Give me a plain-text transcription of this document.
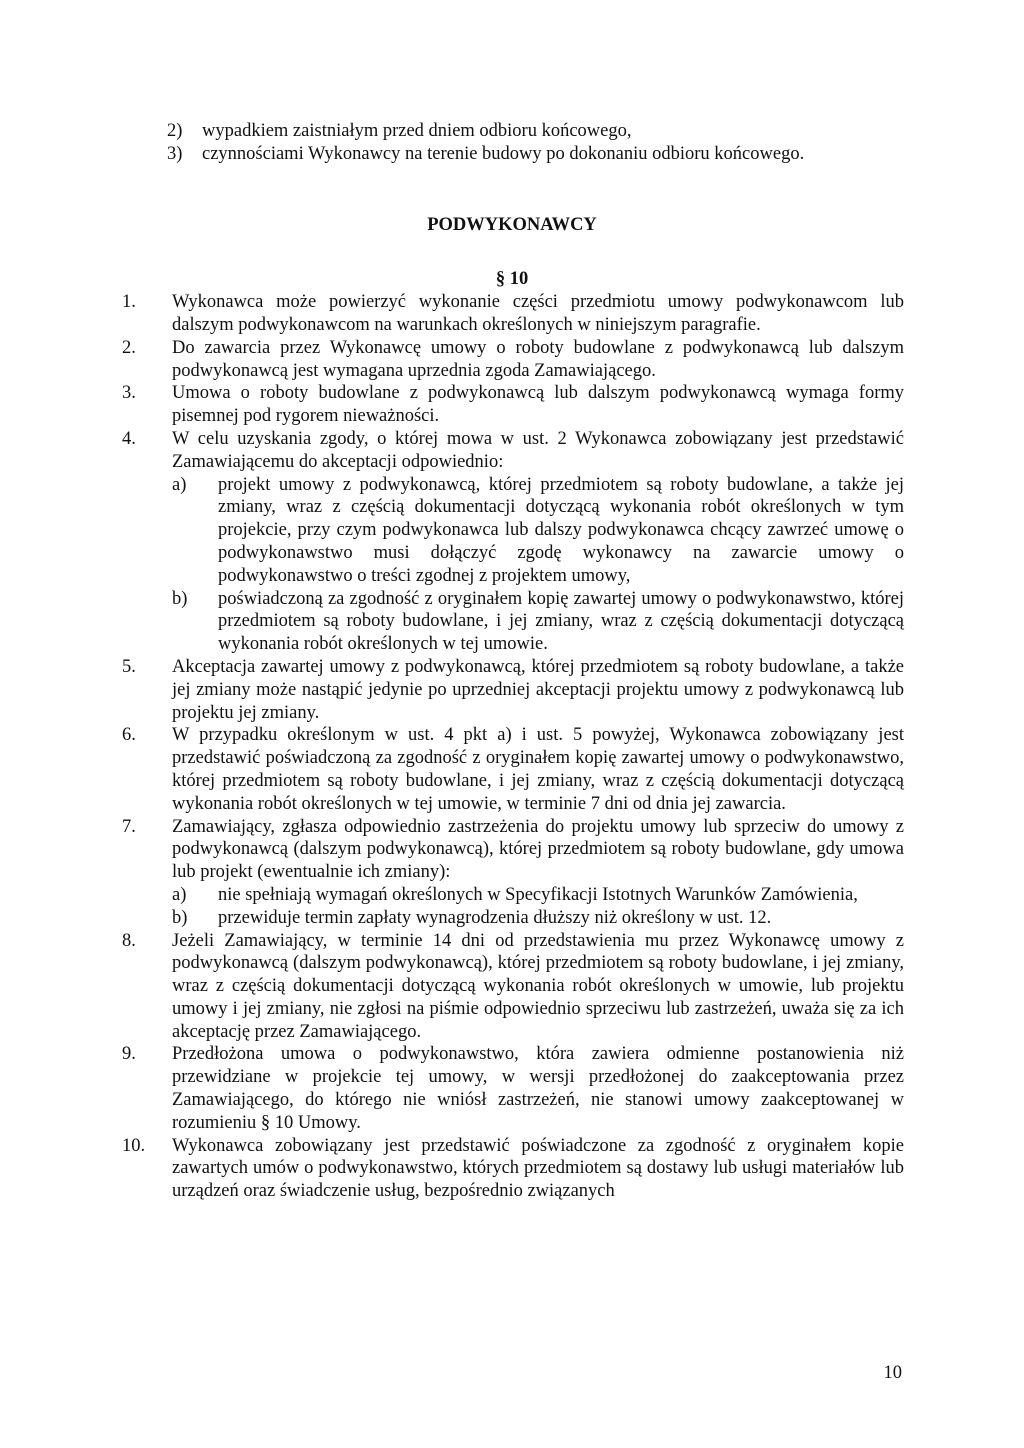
2) wypadkiem zaistniałym przed dniem odbioru końcowego,
3) czynnościami Wykonawcy na terenie budowy po dokonaniu odbioru końcowego.
PODWYKONAWCY
§ 10
1. Wykonawca może powierzyć wykonanie części przedmiotu umowy podwykonawcom lub dalszym podwykonawcom na warunkach określonych w niniejszym paragrafie.
2. Do zawarcia przez Wykonawcę umowy o roboty budowlane z podwykonawcą lub dalszym podwykonawcą jest wymagana uprzednia zgoda Zamawiającego.
3. Umowa o roboty budowlane z podwykonawcą lub dalszym podwykonawcą wymaga formy pisemnej pod rygorem nieważności.
4. W celu uzyskania zgody, o której mowa w ust. 2 Wykonawca zobowiązany jest przedstawić Zamawiającemu do akceptacji odpowiednio:
a) projekt umowy z podwykonawcą, której przedmiotem są roboty budowlane, a także jej zmiany, wraz z częścią dokumentacji dotyczącą wykonania robót określonych w tym projekcie, przy czym podwykonawca lub dalszy podwykonawca chcący zawrzeć umowę o podwykonawstwo musi dołączyć zgodę wykonawcy na zawarcie umowy o podwykonawstwo o treści zgodnej z projektem umowy,
b) poświadczoną za zgodność z oryginałem kopię zawartej umowy o podwykonawstwo, której przedmiotem są roboty budowlane, i jej zmiany, wraz z częścią dokumentacji dotyczącą wykonania robót określonych w tej umowie.
5. Akceptacja zawartej umowy z podwykonawcą, której przedmiotem są roboty budowlane, a także jej zmiany może nastąpić jedynie po uprzedniej akceptacji projektu umowy z podwykonawcą lub projektu jej zmiany.
6. W przypadku określonym w ust. 4 pkt a) i ust. 5 powyżej, Wykonawca zobowiązany jest przedstawić poświadczoną za zgodność z oryginałem kopię zawartej umowy o podwykonawstwo, której przedmiotem są roboty budowlane, i jej zmiany, wraz z częścią dokumentacji dotyczącą wykonania robót określonych w tej umowie, w terminie 7 dni od dnia jej zawarcia.
7. Zamawiający, zgłasza odpowiednio zastrzeżenia do projektu umowy lub sprzeciw do umowy z podwykonawcą (dalszym podwykonawcą), której przedmiotem są roboty budowlane, gdy umowa lub projekt (ewentualnie ich zmiany):
a) nie spełniają wymagań określonych w Specyfikacji Istotnych Warunków Zamówienia,
b) przewiduje termin zapłaty wynagrodzenia dłuższy niż określony w ust. 12.
8. Jeżeli Zamawiający, w terminie 14 dni od przedstawienia mu przez Wykonawcę umowy z podwykonawcą (dalszym podwykonawcą), której przedmiotem są roboty budowlane, i jej zmiany, wraz z częścią dokumentacji dotyczącą wykonania robót określonych w umowie, lub projektu umowy i jej zmiany, nie zgłosi na piśmie odpowiednio sprzeciwu lub zastrzeżeń, uważa się za ich akceptację przez Zamawiającego.
9. Przedłożona umowa o podwykonawstwo, która zawiera odmienne postanowienia niż przewidziane w projekcie tej umowy, w wersji przedłożonej do zaakceptowania przez Zamawiającego, do którego nie wniósł zastrzeżeń, nie stanowi umowy zaakceptowanej w rozumieniu § 10 Umowy.
10. Wykonawca zobowiązany jest przedstawić poświadczone za zgodność z oryginałem kopie zawartych umów o podwykonawstwo, których przedmiotem są dostawy lub usługi materiałów lub urządzeń oraz świadczenie usług, bezpośrednio związanych
10
